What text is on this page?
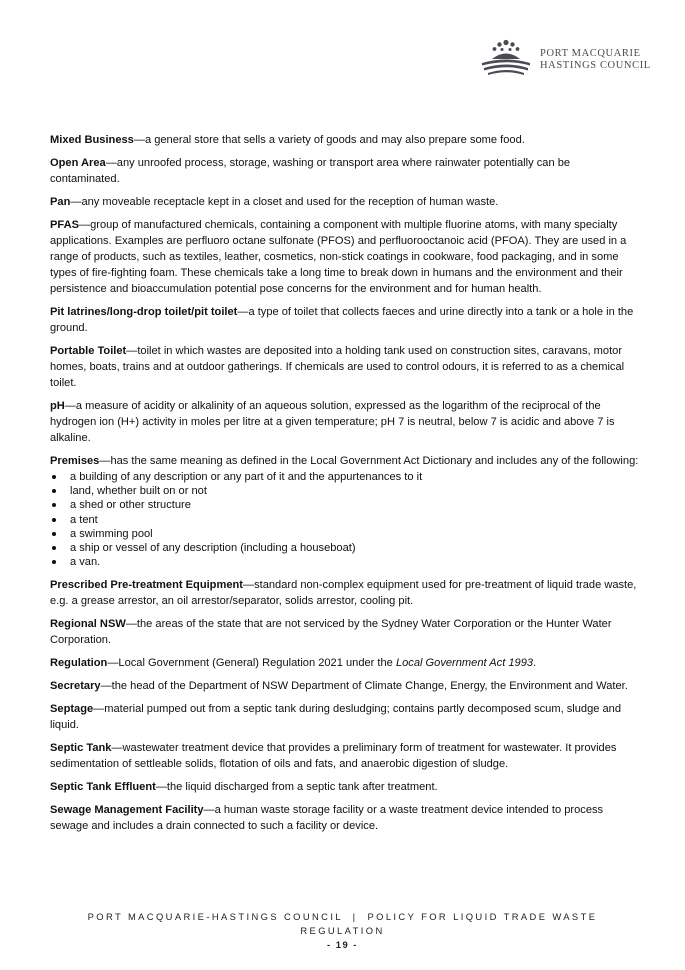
PORT MACQUARIE
HASTINGS COUNCIL

Mixed Business—a general store that sells a variety of goods and may also prepare some food.

Open Area—any unroofed process, storage, washing or transport area where rainwater potentially can be contaminated.

Pan—any moveable receptacle kept in a closet and used for the reception of human waste.

PFAS—group of manufactured chemicals, containing a component with multiple fluorine atoms, with many specialty applications. Examples are perfluoro octane sulfonate (PFOS) and perfluorooctanoic acid (PFOA). They are used in a range of products, such as textiles, leather, cosmetics, non-stick coatings in cookware, food packaging, and in some types of fire-fighting foam. These chemicals take a long time to break down in humans and the environment and their persistence and bioaccumulation potential pose concerns for the environment and for human health.

Pit latrines/long-drop toilet/pit toilet—a type of toilet that collects faeces and urine directly into a tank or a hole in the ground.

Portable Toilet—toilet in which wastes are deposited into a holding tank used on construction sites, caravans, motor homes, boats, trains and at outdoor gatherings. If chemicals are used to control odours, it is referred to as a chemical toilet.

pH—a measure of acidity or alkalinity of an aqueous solution, expressed as the logarithm of the reciprocal of the hydrogen ion (H+) activity in moles per litre at a given temperature; pH 7 is neutral, below 7 is acidic and above 7 is alkaline.

Premises—has the same meaning as defined in the Local Government Act Dictionary and includes any of the following:

a building of any description or any part of it and the appurtenances to it
land, whether built on or not
a shed or other structure
a tent
a swimming pool
a ship or vessel of any description (including a houseboat)
a van.

Prescribed Pre-treatment Equipment—standard non-complex equipment used for pre-treatment of liquid trade waste, e.g. a grease arrestor, an oil arrestor/separator, solids arrestor, cooling pit.

Regional NSW—the areas of the state that are not serviced by the Sydney Water Corporation or the Hunter Water Corporation.

Regulation—Local Government (General) Regulation 2021 under the Local Government Act 1993.

Secretary—the head of the Department of NSW Department of Climate Change, Energy, the Environment and Water.

Septage—material pumped out from a septic tank during desludging; contains partly decomposed scum, sludge and liquid.

Septic Tank—wastewater treatment device that provides a preliminary form of treatment for wastewater. It provides sedimentation of settleable solids, flotation of oils and fats, and anaerobic digestion of sludge.

Septic Tank Effluent—the liquid discharged from a septic tank after treatment.

Sewage Management Facility—a human waste storage facility or a waste treatment device intended to process sewage and includes a drain connected to such a facility or device.

PORT MACQUARIE-HASTINGS COUNCIL  |  POLICY FOR LIQUID TRADE WASTE
REGULATION
- 19 -
